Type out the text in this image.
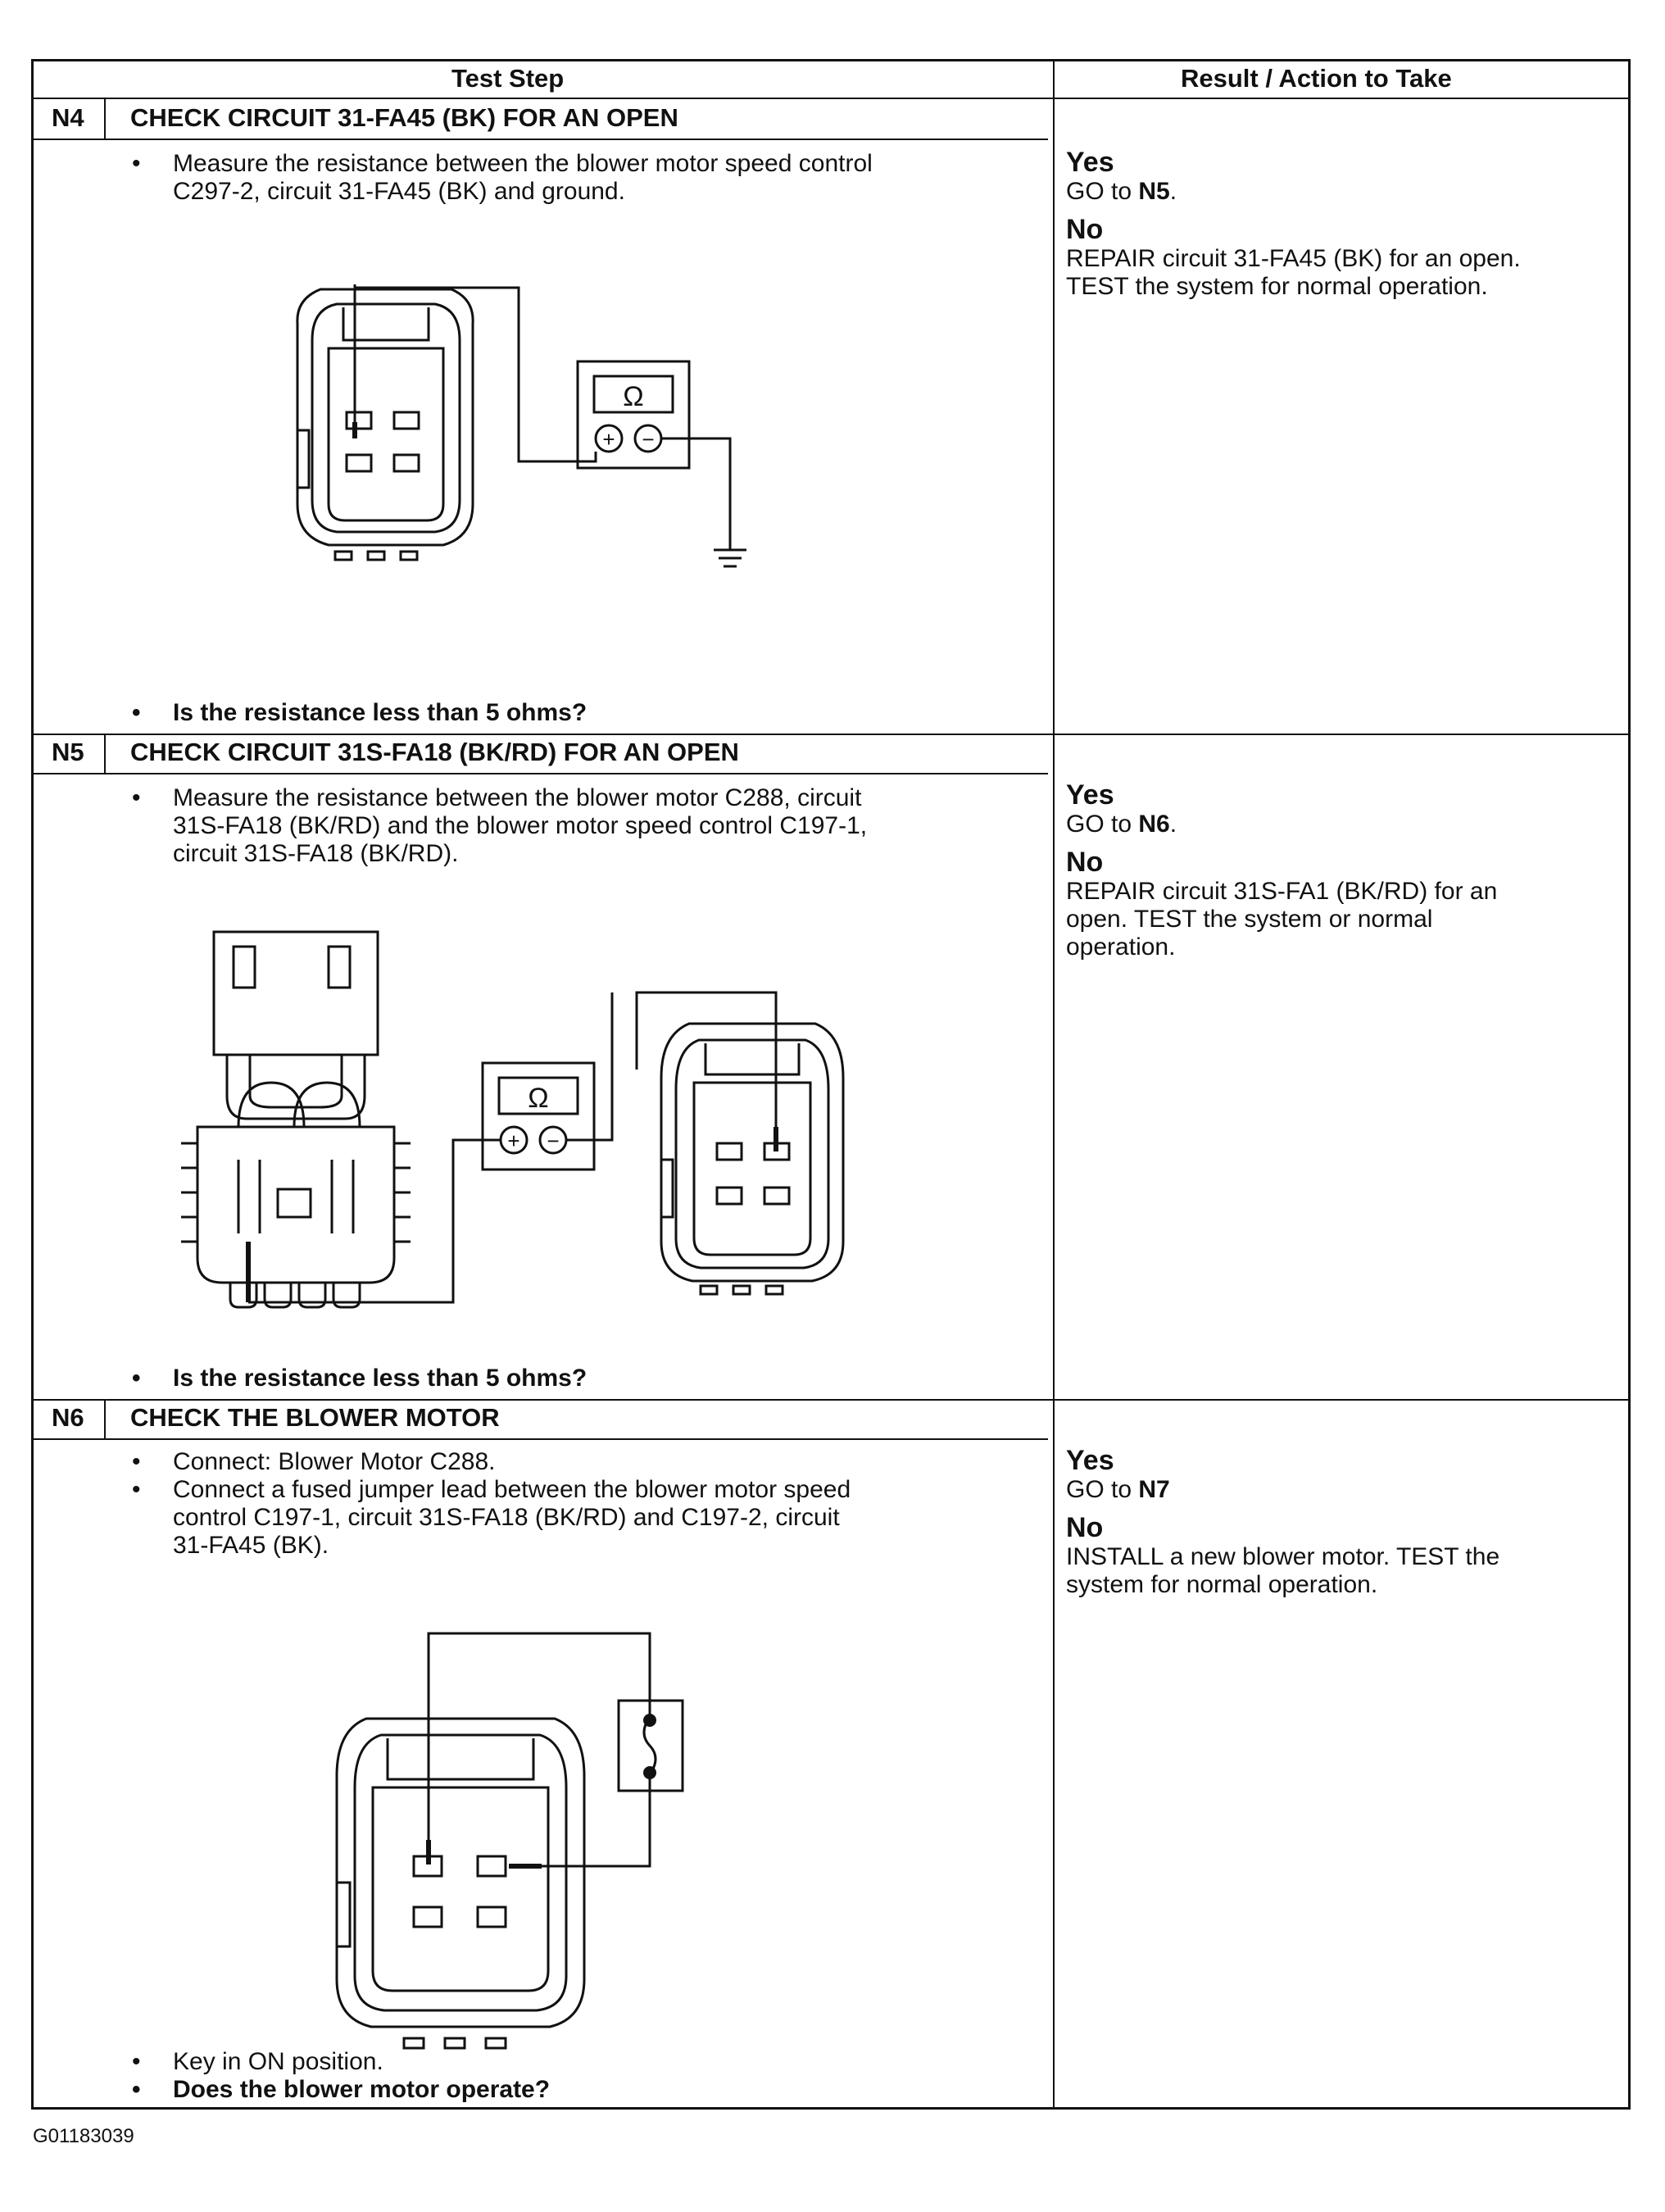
Test Step	Result / Action to Take
N4 CHECK CIRCUIT 31-FA45 (BK) FOR AN OPEN
• Measure the resistance between the blower motor speed control
C297-2, circuit 31-FA45 (BK) and ground.
• Is the resistance less than 5 ohms?
Yes
GO to N5.
No
REPAIR circuit 31-FA45 (BK) for an open.
TEST the system for normal operation.
N5 CHECK CIRCUIT 31S-FA18 (BK/RD) FOR AN OPEN
• Measure the resistance between the blower motor C288, circuit
31S-FA18 (BK/RD) and the blower motor speed control C197-1,
circuit 31S-FA18 (BK/RD).
• Is the resistance less than 5 ohms?
Yes
GO to N6.
No
REPAIR circuit 31S-FA1 (BK/RD) for an
open. TEST the system or normal
operation.
N6 CHECK THE BLOWER MOTOR
• Connect: Blower Motor C288.
• Connect a fused jumper lead between the blower motor speed
control C197-1, circuit 31S-FA18 (BK/RD) and C197-2, circuit
31-FA45 (BK).
• Key in ON position.
• Does the blower motor operate?
Yes
GO to N7
No
INSTALL a new blower motor. TEST the
system for normal operation.
+ −
Ω
+ −
Ω
G01183039
